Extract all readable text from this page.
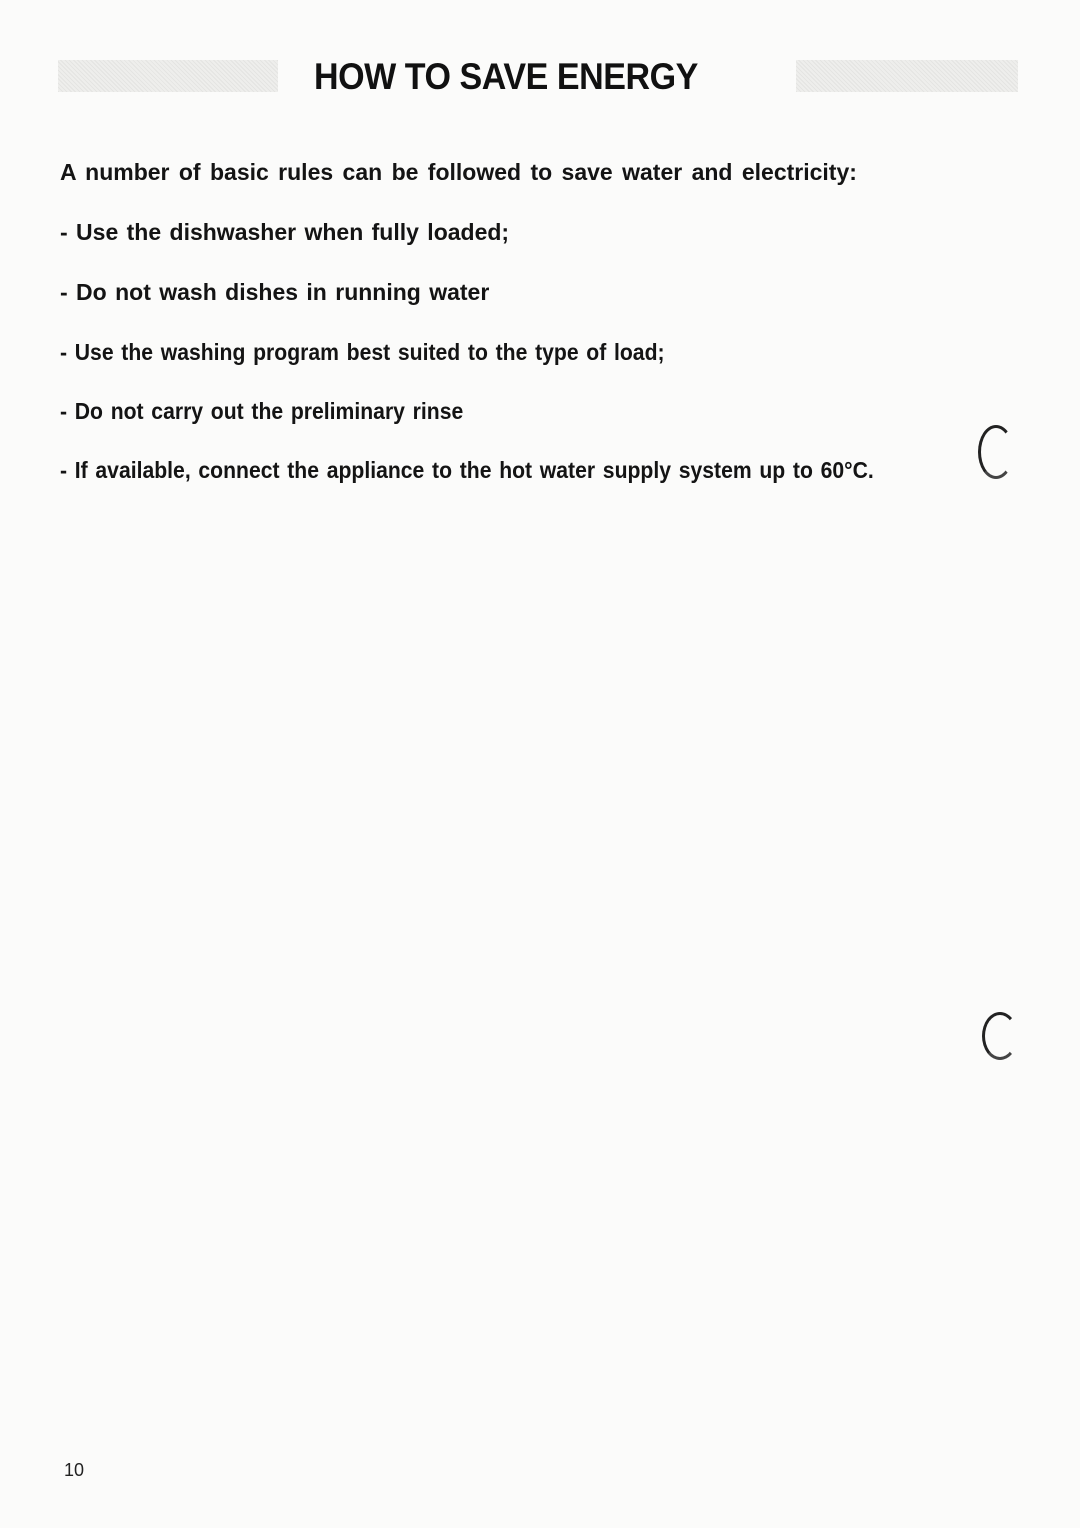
HOW TO SAVE ENERGY
A number of basic rules can be followed to save water and electricity:
- Use the dishwasher when fully loaded;
- Do not wash dishes in running water
- Use the washing program best suited to the type of load;
- Do not carry out the preliminary rinse
- If available, connect the appliance to the hot water supply system up to 60°C.
10
